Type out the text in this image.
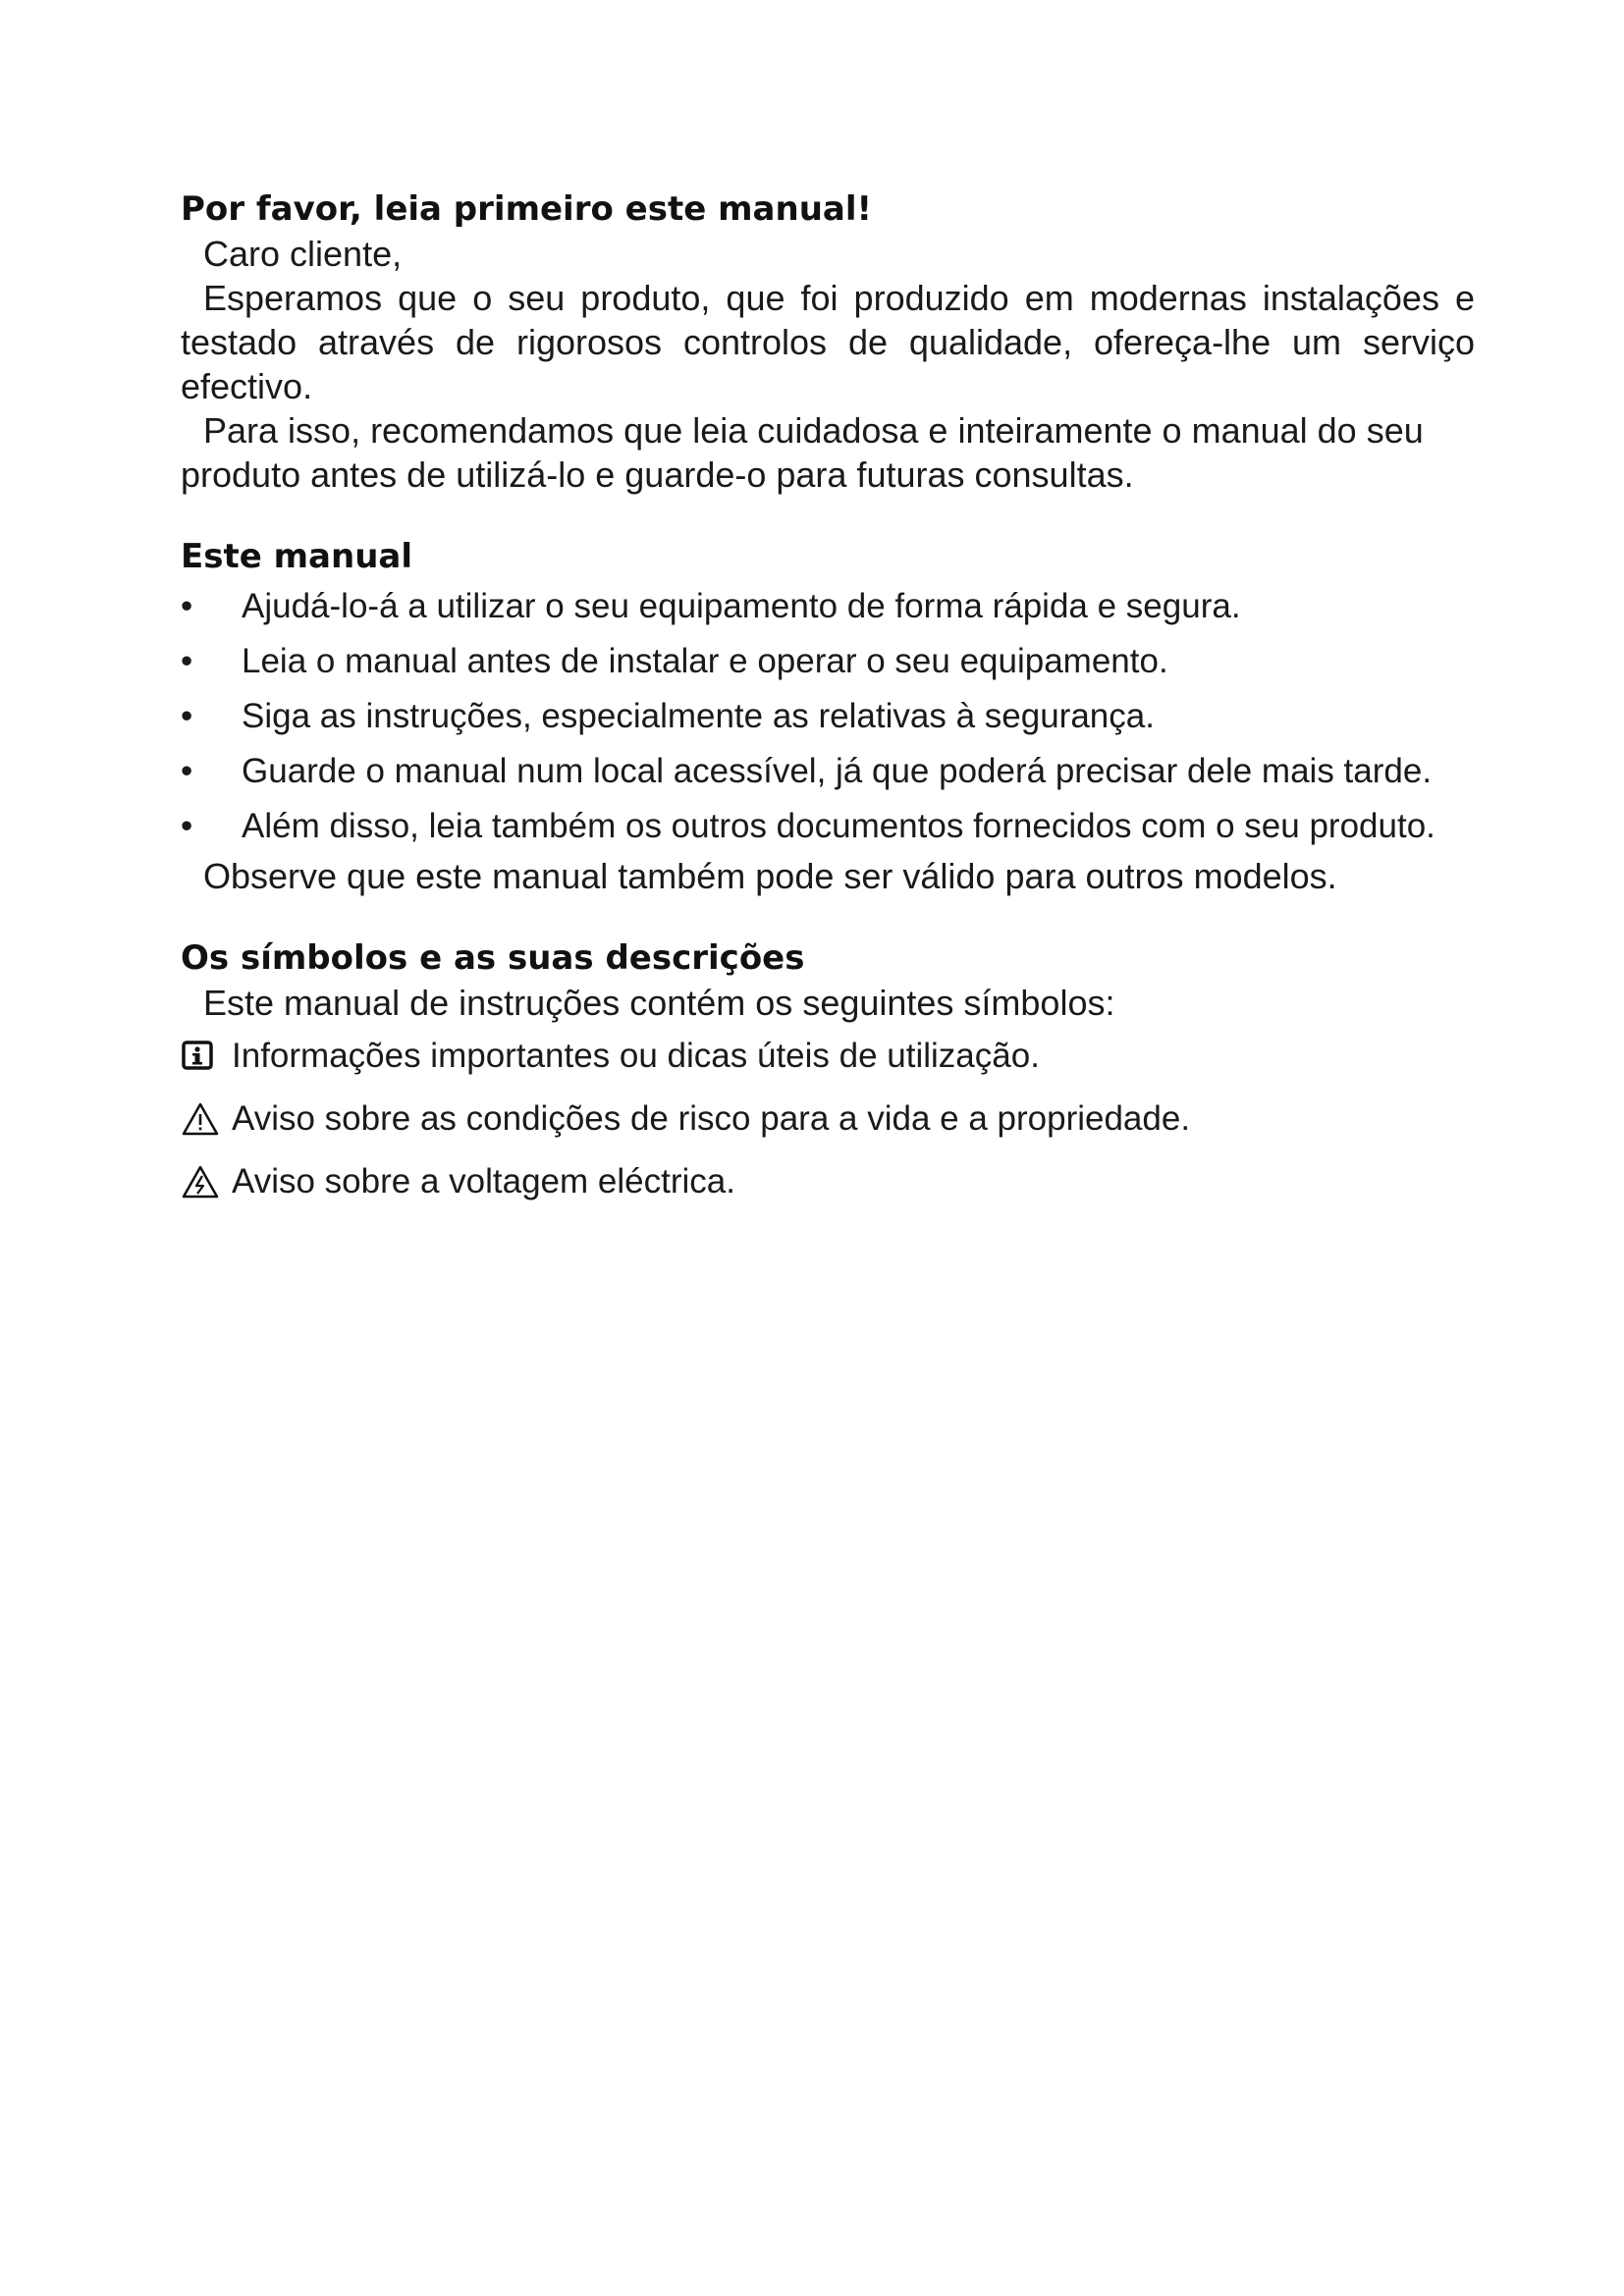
Por favor, leia primeiro este manual!

Caro cliente,

Esperamos que o seu produto, que foi produzido em modernas instalações e testado através de rigorosos controlos de qualidade, ofereça-lhe um serviço efectivo.

Para isso, recomendamos que leia cuidadosa e inteiramente o manual do seu produto antes de utilizá-lo e guarde-o para futuras consultas.

Este manual
• Ajudá-lo-á a utilizar o seu equipamento de forma rápida e segura.
• Leia o manual antes de instalar e operar o seu equipamento.
• Siga as instruções, especialmente as relativas à segurança.
• Guarde o manual num local acessível, já que poderá precisar dele mais tarde.
• Além disso, leia também os outros documentos fornecidos com o seu produto.

Observe que este manual também pode ser válido para outros modelos.

Os símbolos e as suas descrições

Este manual de instruções contém os seguintes símbolos:

Informações importantes ou dicas úteis de utilização.
Aviso sobre as condições de risco para a vida e a propriedade.
Aviso sobre a voltagem eléctrica.
